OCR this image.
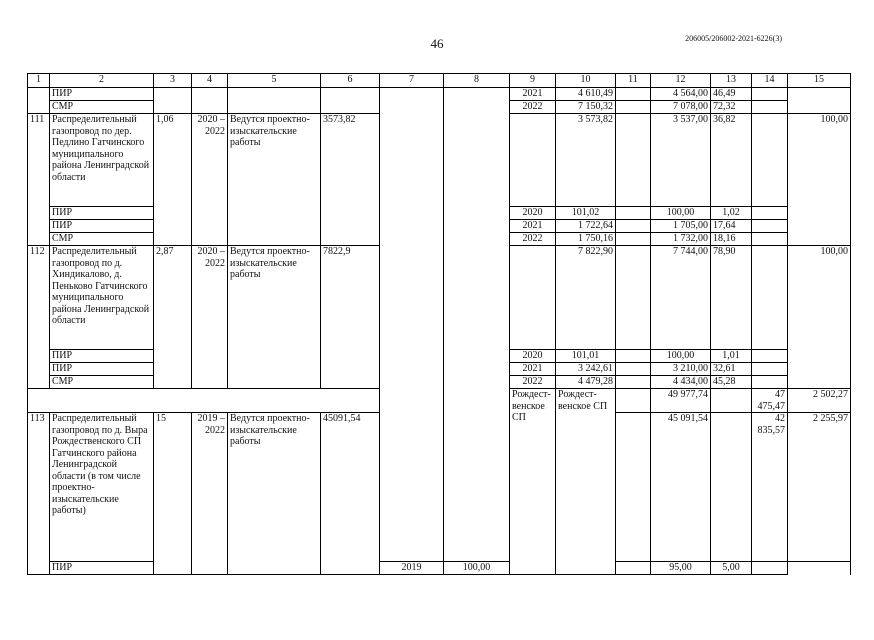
46	206005/206002-2021-6226(3)
1	2	3	4	5	6	7	8	9	10	11	12	13	14	15	
	ПИР							2021	4 610,49		4 564,00	46,49			
	СМР							2022	7 150,32		7 078,00	72,32			
111	Распределительный газопровод по дер. Педлино Гатчинского муниципального района Ленинградской области	1,06	2020 – 2022	Ведутся проектно-изыскательские работы	3573,82				3 573,82		3 537,00	36,82		100,00	
	ПИР							2020	101,02		100,00	1,02			
	ПИР							2021	1 722,64		1 705,00	17,64			
	СМР							2022	1 750,16		1 732,00	18,16			
112	Распределительный газопровод по д. Хиндикалово, д. Пеньково Гатчинского муниципального района Ленинградской области	2,87	2020 – 2022	Ведутся проектно-изыскательские работы	7822,9				7 822,90		7 744,00	78,90		100,00	
	ПИР							2020	101,01		100,00	1,01			
	ПИР							2021	3 242,61		3 210,00	32,61			
	СМР							2022	4 479,28		4 434,00	45,28			
								Рождест-венское СП	Рождест-венское СП		49 977,74		47 475,47	2 502,27		
113	Распределительный газопровод по д. Выра Рождественского СП Гатчинского района Ленинградской области (в том числе проектно-изыскательские работы)	15	2019 – 2022	Ведутся проектно-изыскательские работы	45091,54						45 091,54		42 835,57	2 255,97		
	ПИР					2019	100,00				95,00	5,00			
